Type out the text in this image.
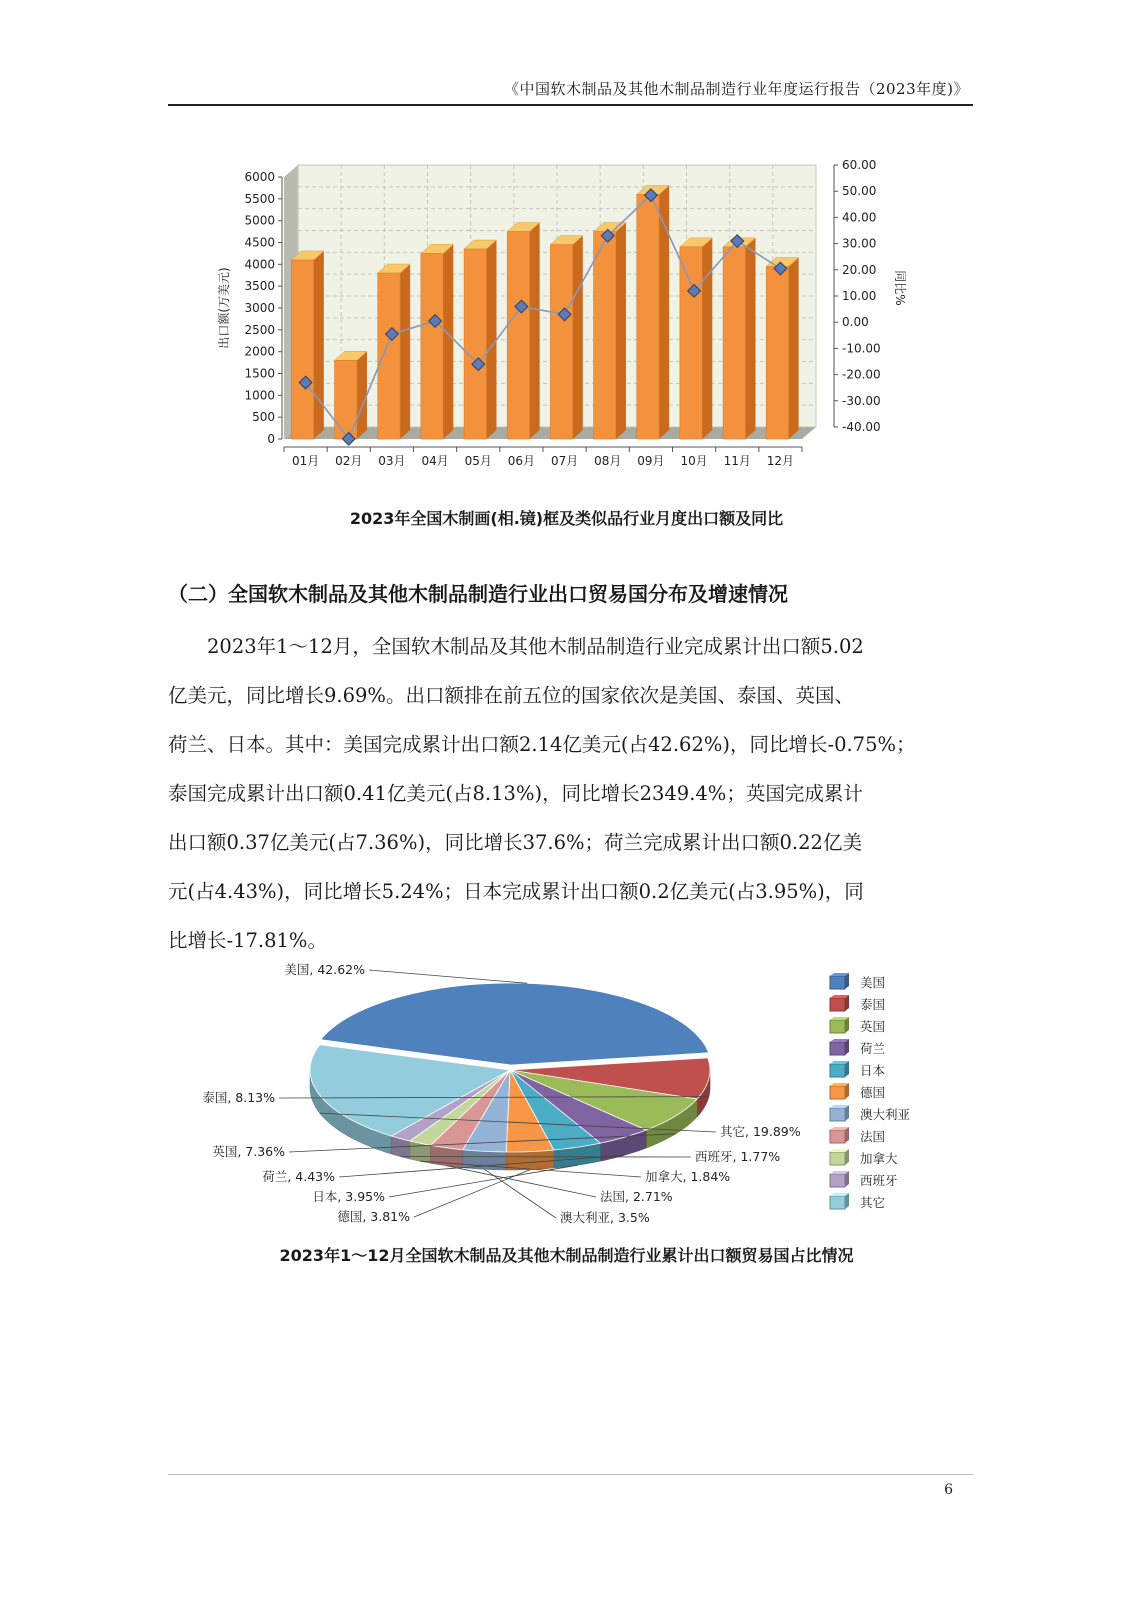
《中国软木制品及其他木制品制造行业年度运行报告（2023年度)》
0
500
1000
1500
2000
2500
3000
3500
4000
4500
5000
5500
6000
-40.00
-30.00
-20.00
-10.00
0.00
10.00
20.00
30.00
40.00
50.00
60.00
出口额(万美元)	同比%
01月 02月 03月 04月 05月 06月 07月 08月 09月 10月 11月 12月
2023年全国木制画(相.镜)框及类似品行业月度出口额及同比
（二）全国软木制品及其他木制品制造行业出口贸易国分布及增速情况
　　2023年1～12月，全国软木制品及其他木制品制造行业完成累计出口额5.02
亿美元，同比增长9.69%。出口额排在前五位的国家依次是美国、泰国、英国、
荷兰、日本。其中：美国完成累计出口额2.14亿美元(占42.62%)，同比增长-0.75%；
泰国完成累计出口额0.41亿美元(占8.13%)，同比增长2349.4%；英国完成累计
出口额0.37亿美元(占7.36%)，同比增长37.6%；荷兰完成累计出口额0.22亿美
元(占4.43%)，同比增长5.24%；日本完成累计出口额0.2亿美元(占3.95%)，同
比增长-17.81%。
美国, 42.62%
泰国, 8.13%
英国, 7.36%
荷兰, 4.43%
日本, 3.95%
德国, 3.81%	澳大利亚, 3.5%
法国, 2.71%
加拿大, 1.84%
西班牙, 1.77%
其它, 19.89%
美国
泰国
英国
荷兰
日本
德国
澳大利亚
法国
加拿大
西班牙
其它
2023年1～12月全国软木制品及其他木制品制造行业累计出口额贸易国占比情况
6
